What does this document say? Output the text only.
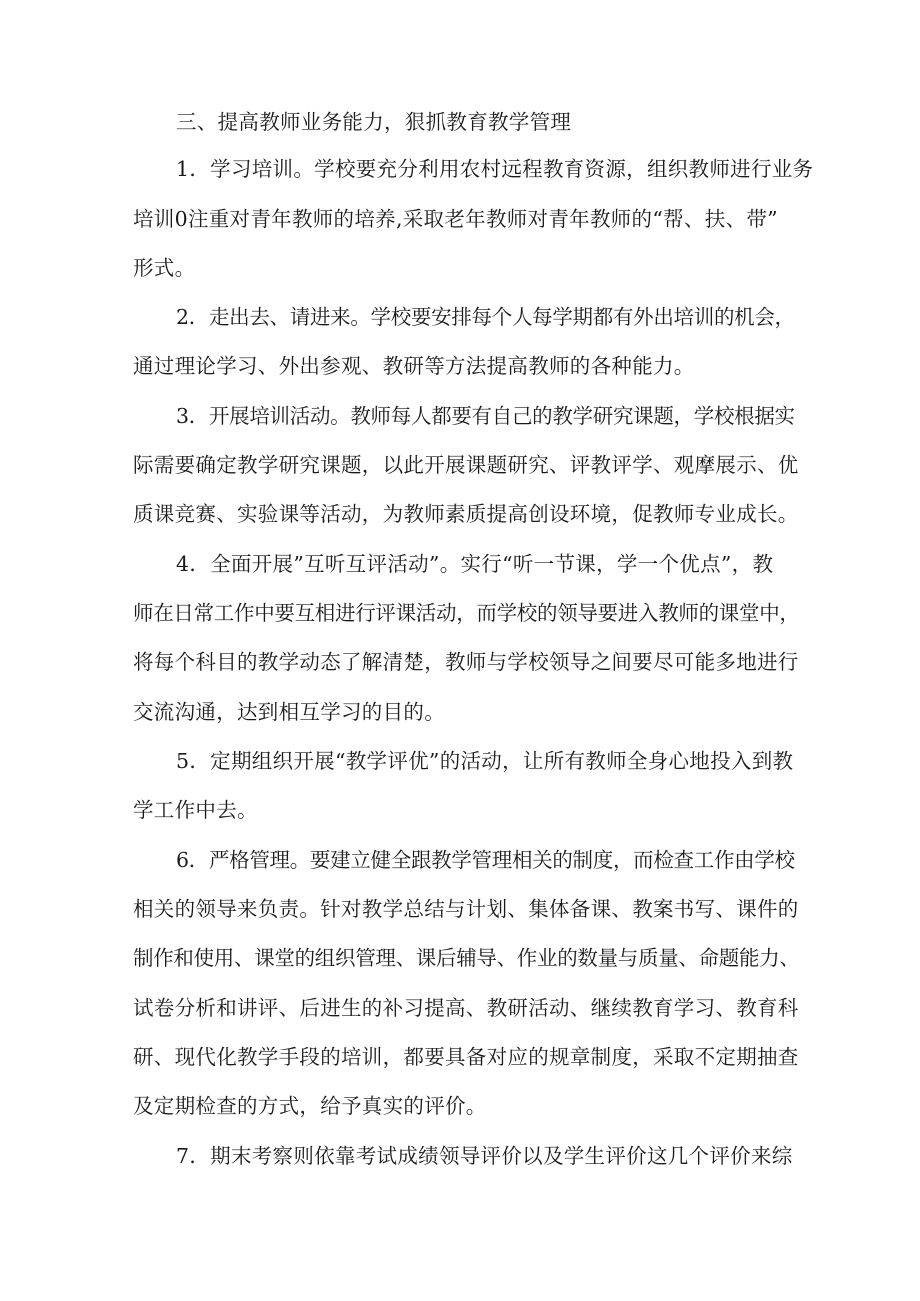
三、提高教师业务能力，狠抓教育教学管理
1．学习培训。学校要充分利用农村远程教育资源，组织教师进行业务
培训0注重对青年教师的培养,采取老年教师对青年教师的“帮、扶、带”
形式。
2．走出去、请进来。学校要安排每个人每学期都有外出培训的机会，
通过理论学习、外出参观、教研等方法提高教师的各种能力。
3．开展培训活动。教师每人都要有自己的教学研究课题，学校根据实
际需要确定教学研究课题，以此开展课题研究、评教评学、观摩展示、优
质课竞赛、实验课等活动，为教师素质提高创设环境，促教师专业成长。
4．全面开展”互听互评活动”。实行“听一节课，学一个优点”，教
师在日常工作中要互相进行评课活动，而学校的领导要进入教师的课堂中，
将每个科目的教学动态了解清楚，教师与学校领导之间要尽可能多地进行
交流沟通，达到相互学习的目的。
5．定期组织开展“教学评优”的活动，让所有教师全身心地投入到教
学工作中去。
6．严格管理。要建立健全跟教学管理相关的制度，而检查工作由学校
相关的领导来负责。针对教学总结与计划、集体备课、教案书写、课件的
制作和使用、课堂的组织管理、课后辅导、作业的数量与质量、命题能力、
试卷分析和讲评、后进生的补习提高、教研活动、继续教育学习、教育科
研、现代化教学手段的培训，都要具备对应的规章制度，采取不定期抽查
及定期检查的方式，给予真实的评价。
7．期末考察则依靠考试成绩领导评价以及学生评价这几个评价来综
